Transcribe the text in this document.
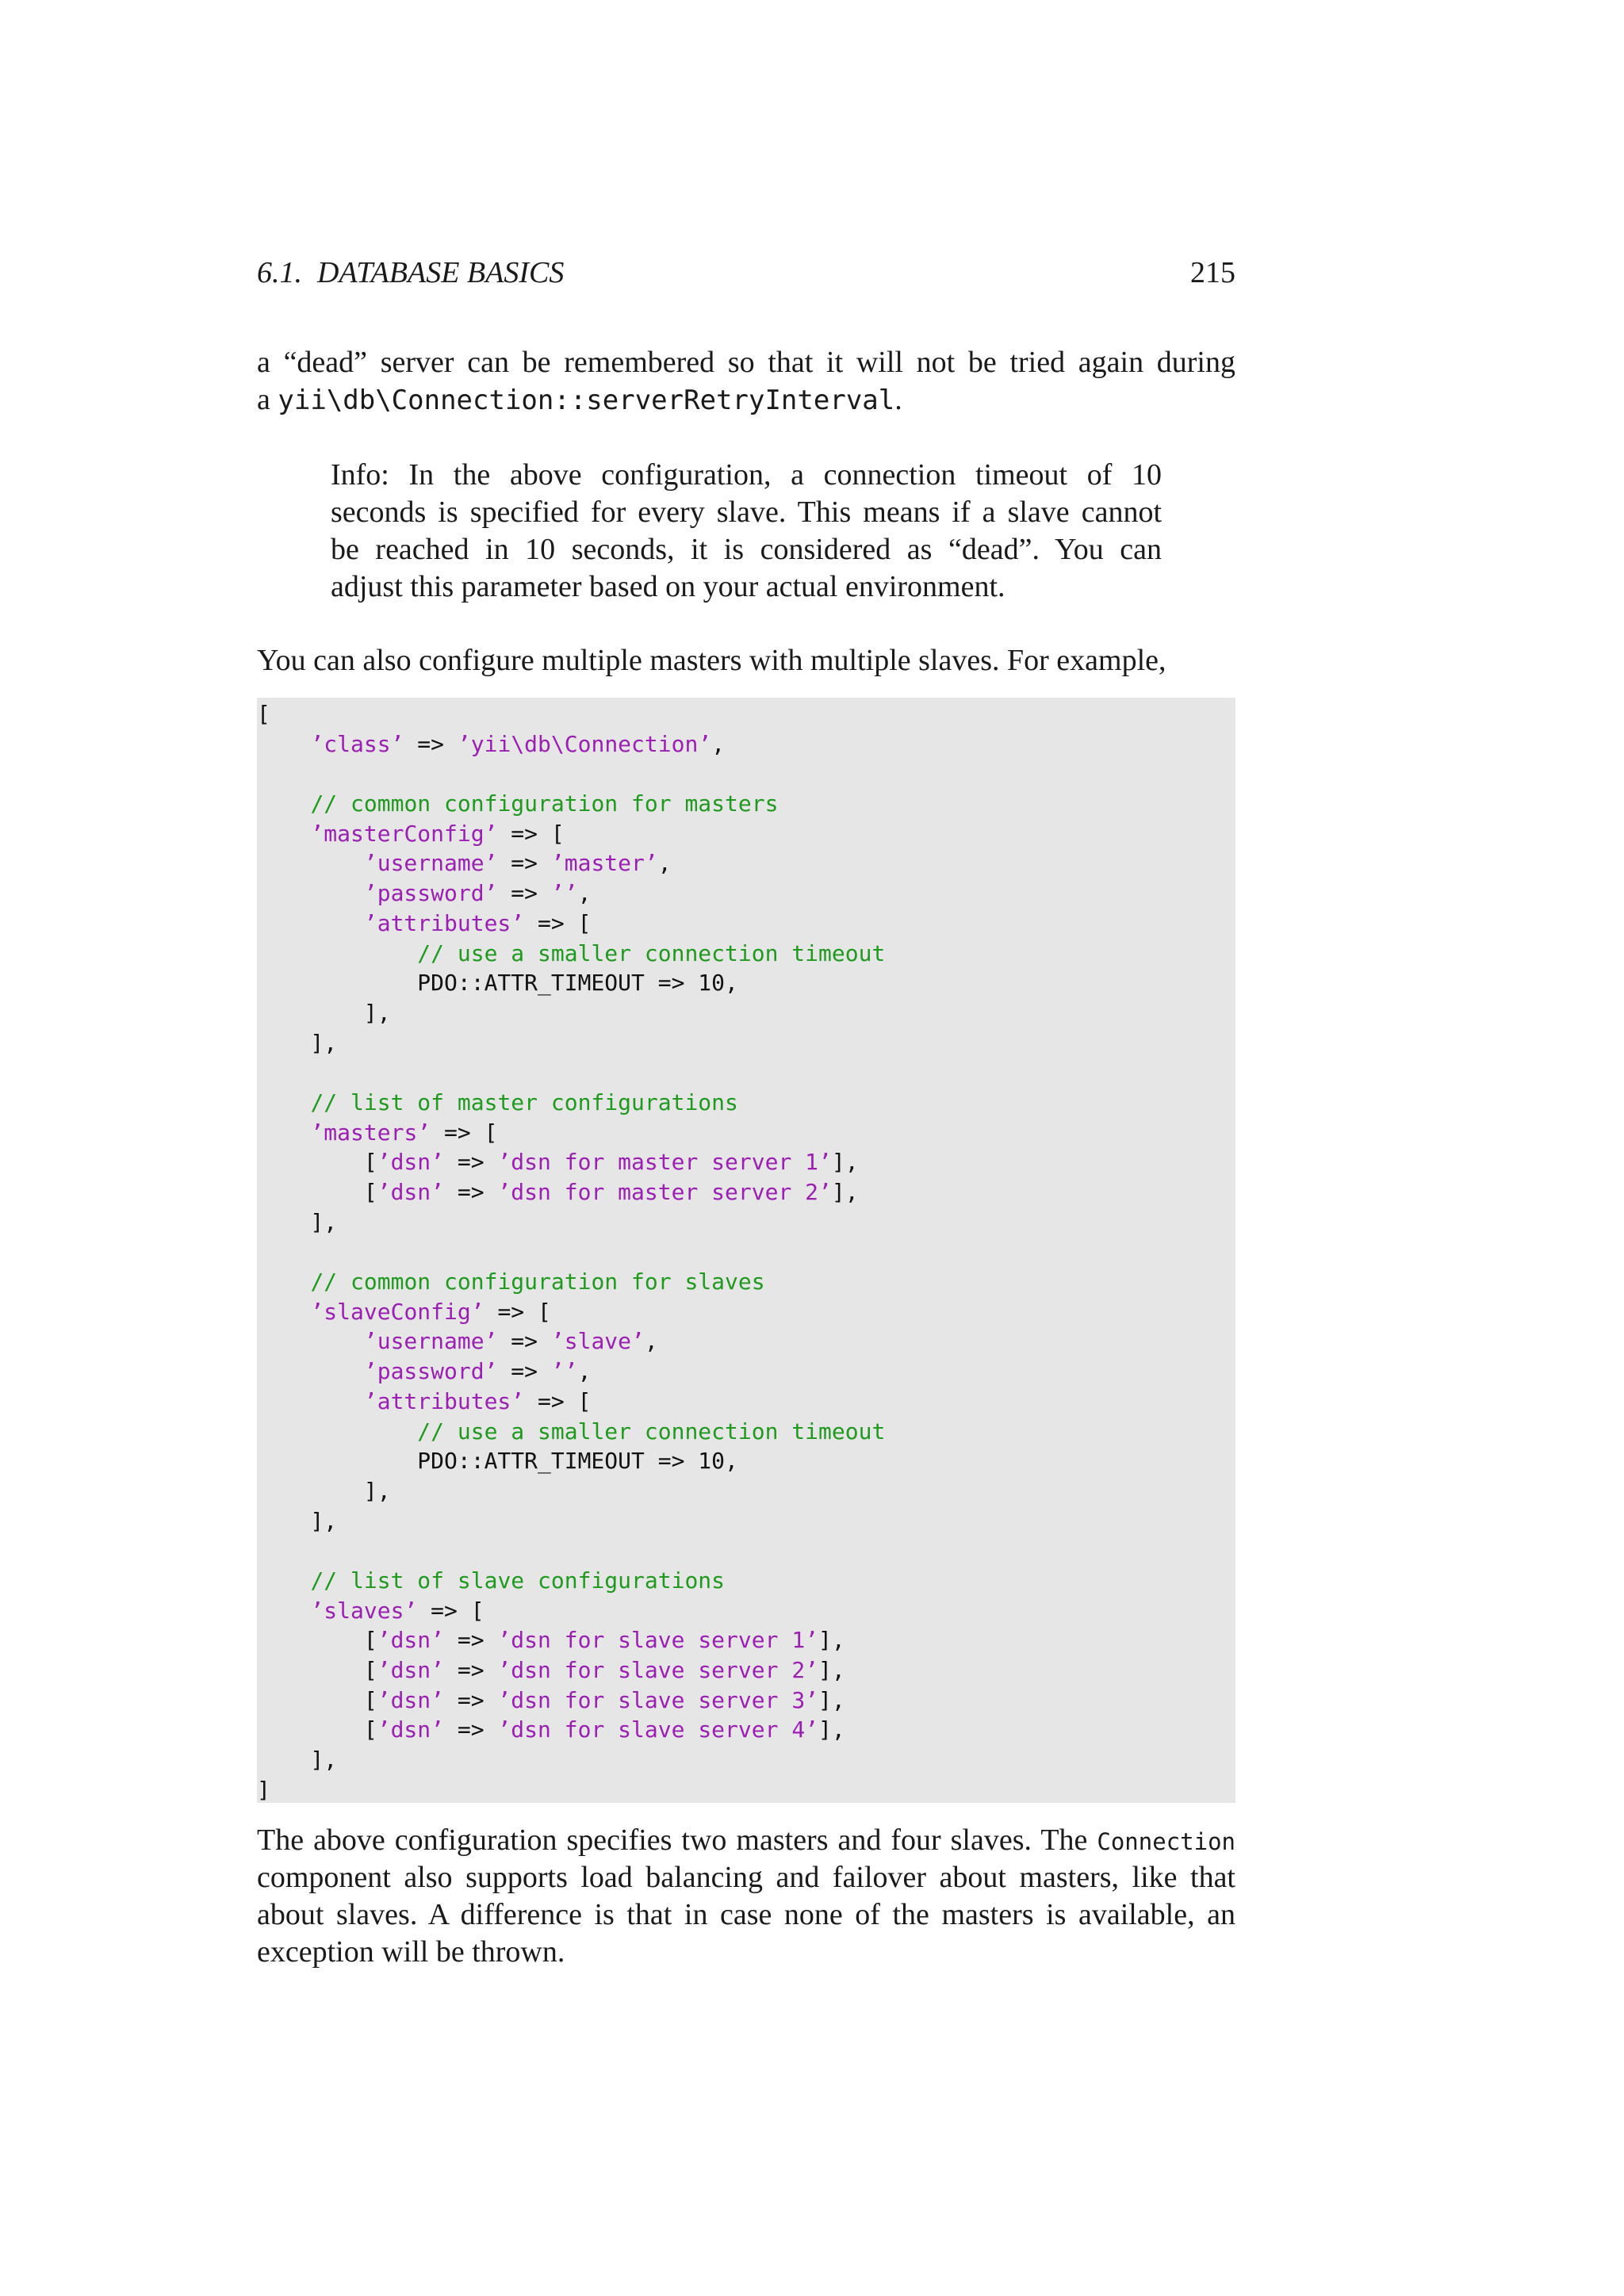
6.1.  DATABASE BASICS	215
a “dead” server can be remembered so that it will not be tried again during
a yii\db\Connection::serverRetryInterval.
Info: In the above configuration, a connection timeout of 10
seconds is specified for every slave. This means if a slave cannot
be reached in 10 seconds, it is considered as “dead”. You can
adjust this parameter based on your actual environment.
You can also configure multiple masters with multiple slaves. For example,
[
’class’ => ’yii\db\Connection’,
// common configuration for masters
’masterConfig’ => [
’username’ => ’master’,
’password’ => ’’,
’attributes’ => [
// use a smaller connection timeout
PDO::ATTR_TIMEOUT => 10,
],
],
// list of master configurations
’masters’ => [
[’dsn’ => ’dsn for master server 1’],
[’dsn’ => ’dsn for master server 2’],
],
// common configuration for slaves
’slaveConfig’ => [
’username’ => ’slave’,
’password’ => ’’,
’attributes’ => [
// use a smaller connection timeout
PDO::ATTR_TIMEOUT => 10,
],
],
// list of slave configurations
’slaves’ => [
[’dsn’ => ’dsn for slave server 1’],
[’dsn’ => ’dsn for slave server 2’],
[’dsn’ => ’dsn for slave server 3’],
[’dsn’ => ’dsn for slave server 4’],
],
]
The above configuration specifies two masters and four slaves. The Connection
component also supports load balancing and failover about masters, like that
about slaves. A difference is that in case none of the masters is available, an
exception will be thrown.
